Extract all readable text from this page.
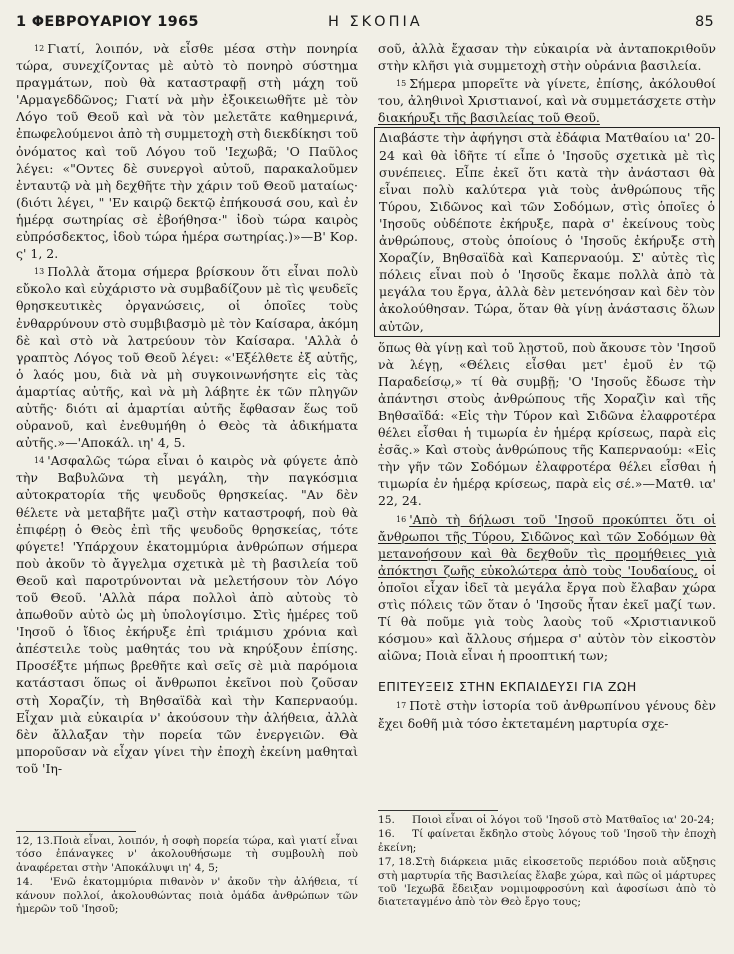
1 ΦΕΒΡΟΥΑΡΙΟΥ 1965	Η ΣΚΟΠΙΑ	85

$^{12}$ Γιατί, λοιπόν, νὰ εἶσθε μέσα στὴν πονηρία τώρα, συνεχίζοντας μὲ αὐτὸ τὸ πονηρὸ σύστημα πραγμάτων, ποὺ θὰ καταστραφῇ στὴ μάχη τοῦ 'Αρμαγεδδῶνος; Γιατί νὰ μὴν ἐξοικειωθῆτε μὲ τὸν Λόγο τοῦ Θεοῦ καὶ νὰ τὸν μελετᾶτε καθημερινά, ἐπωφελούμενοι ἀπὸ τὴ συμμετοχὴ στὴ διεκδίκησι τοῦ ὀνόματος καὶ τοῦ Λόγου τοῦ 'Ιεχωβᾶ; 'Ο Παῦλος λέγει: «"Οντες δὲ συνεργοὶ αὐτοῦ, παρακαλοῦμεν ἐνταυτῷ νὰ μὴ δεχθῆτε τὴν χάριν τοῦ Θεοῦ ματαίως· (διότι λέγει, " 'Εν καιρῷ δεκτῷ ἐπήκουσά σου, καὶ ἐν ἡμέρᾳ σωτηρίας σὲ ἐβοήθησα·" ἰδοὺ τώρα καιρὸς εὐπρόσδεκτος, ἰδοὺ τώρα ἡμέρα σωτηρίας.)»—Β' Κορ. ς' 1, 2.

$^{13}$ Πολλὰ ἄτομα σήμερα βρίσκουν ὅτι εἶναι πολὺ εὔκολο καὶ εὐχάριστο νὰ συμβαδίζουν μὲ τὶς ψευδεῖς θρησκευτικὲς ὀργανώσεις, οἱ ὁποῖες τοὺς ἐνθαρρύνουν στὸ συμβιβασμὸ μὲ τὸν Καίσαρα, ἀκόμη δὲ καὶ στὸ νὰ λατρεύουν τὸν Καίσαρα. 'Αλλὰ ὁ γραπτὸς Λόγος τοῦ Θεοῦ λέγει: «'Εξέλθετε ἐξ αὐτῆς, ὁ λαός μου, διὰ νὰ μὴ συγκοινωνήσητε εἰς τὰς ἁμαρτίας αὐτῆς, καὶ νὰ μὴ λάβητε ἐκ τῶν πληγῶν αὐτῆς· διότι αἱ ἁμαρτίαι αὐτῆς ἔφθασαν ἕως τοῦ οὐρανοῦ, καὶ ἐνεθυμήθη ὁ Θεὸς τὰ ἀδικήματα αὐτῆς.»—'Αποκάλ. ιη' 4, 5.

$^{14}$ 'Ασφαλῶς τώρα εἶναι ὁ καιρὸς νὰ φύγετε ἀπὸ τὴν Βαβυλῶνα τὴ μεγάλη, τὴν παγκόσμια αὐτοκρατορία τῆς ψευδοῦς θρησκείας. "Αν δὲν θέλετε νὰ μεταβῆτε μαζὶ στὴν καταστροφή, ποὺ θὰ ἐπιφέρῃ ὁ Θεὸς ἐπὶ τῆς ψευδοῦς θρησκείας, τότε φύγετε! 'Υπάρχουν ἑκατομμύρια ἀνθρώπων σήμερα ποὺ ἀκοῦν τὸ ἄγγελμα σχετικὰ μὲ τὴ βασιλεία τοῦ Θεοῦ καὶ παροτρύνονται νὰ μελετήσουν τὸν Λόγο τοῦ Θεοῦ. 'Αλλὰ πάρα πολλοὶ ἀπὸ αὐτοὺς τὸ ἀπωθοῦν αὐτὸ ὡς μὴ ὑπολογίσιμο. Στὶς ἡμέρες τοῦ 'Ιησοῦ ὁ ἴδιος ἐκήρυξε ἐπὶ τριάμισυ χρόνια καὶ ἀπέστειλε τοὺς μαθητάς του νὰ κηρύξουν ἐπίσης. Προσέξτε μήπως βρεθῆτε καὶ σεῖς σὲ μιὰ παρόμοια κατάστασι ὅπως οἱ ἄνθρωποι ἐκεῖνοι ποὺ ζοῦσαν στὴ Χοραζίν, τὴ Βηθσαϊδὰ καὶ τὴν Καπερναούμ. Εἶχαν μιὰ εὐκαιρία ν' ἀκούσουν τὴν ἀλήθεια, ἀλλὰ δὲν ἄλλαξαν τὴν πορεία τῶν ἐνεργειῶν. Θὰ μποροῦσαν νὰ εἶχαν γίνει τὴν ἐποχὴ ἐκείνη μαθηταὶ τοῦ 'Ιη-

σοῦ, ἀλλὰ ἔχασαν τὴν εὐκαιρία νὰ ἀνταποκριθοῦν στὴν κλῆσι γιὰ συμμετοχὴ στὴν οὐράνια βασιλεία.

$^{15}$ Σήμερα μπορεῖτε νὰ γίνετε, ἐπίσης, ἀκόλουθοί του, ἀληθινοὶ Χριστιανοί, καὶ νὰ συμμετάσχετε στὴν διακήρυξι τῆς βασιλείας τοῦ Θεοῦ.

Διαβάστε τὴν ἀφήγησι στὰ ἐδάφια Ματθαίου ια' 20-24 καὶ θὰ ἰδῆτε τί εἶπε ὁ 'Ιησοῦς σχετικὰ μὲ τὶς συνέπειες. Εἶπε ἐκεῖ ὅτι κατὰ τὴν ἀνάστασι θὰ εἶναι πολὺ καλύτερα γιὰ τοὺς ἀνθρώπους τῆς Τύρου, Σιδῶνος καὶ τῶν Σοδόμων, στὶς ὁποῖες ὁ 'Ιησοῦς οὐδέποτε ἐκήρυξε, παρὰ σ' ἐκείνους τοὺς ἀνθρώπους, στοὺς ὁποίους ὁ 'Ιησοῦς ἐκήρυξε στὴ Χοραζίν, Βηθσαϊδὰ καὶ Καπερναούμ. Σ' αὐτὲς τὶς πόλεις εἶναι ποὺ ὁ 'Ιησοῦς ἔκαμε πολλὰ ἀπὸ τὰ μεγάλα του ἔργα, ἀλλὰ δὲν μετενόησαν καὶ δὲν τὸν ἀκολούθησαν. Τώρα, ὅταν θὰ γίνῃ ἀνάστασις ὅλων αὐτῶν,

ὅπως θὰ γίνῃ καὶ τοῦ λῃστοῦ, ποὺ ἄκουσε τὸν 'Ιησοῦ νὰ λέγῃ, «Θέλεις εἶσθαι μετ' ἐμοῦ ἐν τῷ Παραδείσῳ,» τί θὰ συμβῇ; 'Ο 'Ιησοῦς ἔδωσε τὴν ἀπάντησι στοὺς ἀνθρώπους τῆς Χοραζὶν καὶ τῆς Βηθσαϊδά: «Εἰς τὴν Τύρον καὶ Σιδῶνα ἐλαφροτέρα θέλει εἶσθαι ἡ τιμωρία ἐν ἡμέρᾳ κρίσεως, παρὰ εἰς ἐσᾶς.» Καὶ στοὺς ἀνθρώπους τῆς Καπερναούμ: «Εἰς τὴν γῆν τῶν Σοδόμων ἐλαφροτέρα θέλει εἶσθαι ἡ τιμωρία ἐν ἡμέρᾳ κρίσεως, παρὰ εἰς σέ.»—Ματθ. ια' 22, 24.

$^{16}$ 'Απὸ τὴ δήλωσι τοῦ 'Ιησοῦ προκύπτει ὅτι οἱ ἄνθρωποι τῆς Τύρου, Σιδῶνος καὶ τῶν Σοδόμων θὰ μετανοήσουν καὶ θὰ δεχθοῦν τὶς προμήθειες γιὰ ἀπόκτησι ζωῆς εὐκολώτερα ἀπὸ τοὺς 'Ιουδαίους, οἱ ὁποῖοι εἶχαν ἰδεῖ τὰ μεγάλα ἔργα ποὺ ἔλαβαν χώρα στὶς πόλεις τῶν ὅταν ὁ 'Ιησοῦς ἦταν ἐκεῖ μαζί των. Τί θὰ ποῦμε γιὰ τοὺς λαοὺς τοῦ «Χριστιανικοῦ κόσμου» καὶ ἄλλους σήμερα σ' αὐτὸν τὸν εἰκοστὸν αἰῶνα; Ποιὰ εἶναι ἡ προοπτική των;

ΕΠΙΤΕΥΞΕΙΣ ΣΤΗΝ ΕΚΠΑΙΔΕΥΣΙ ΓΙΑ ΖΩΗ

$^{17}$ Ποτὲ στὴν ἱστορία τοῦ ἀνθρωπίνου γένους δὲν ἔχει δοθῆ μιὰ τόσο ἐκτεταμένη μαρτυρία σχε-

12, 13.Ποιὰ εἶναι, λοιπόν, ἡ σοφὴ πορεία τώρα, καὶ γιατί εἶναι τόσο ἐπάναγκες ν' ἀκολουθήσωμε τὴ συμβουλὴ ποὺ ἀναφέρεται στὴν 'Αποκάλυψι ιη' 4, 5;
14. 'Ενῶ ἑκατομμύρια πιθανὸν ν' ἀκοῦν τὴν ἀλήθεια, τί κάνουν πολλοί, ἀκολουθώντας ποιὰ ὁμάδα ἀνθρώπων τῶν ἡμερῶν τοῦ 'Ιησοῦ;
15. Ποιοὶ εἶναι οἱ λόγοι τοῦ 'Ιησοῦ στὸ Ματθαῖος ια' 20-24;
16. Τί φαίνεται ἔκδηλο στοὺς λόγους τοῦ 'Ιησοῦ τὴν ἐποχὴ ἐκείνη;
17, 18.Στὴ διάρκεια μιᾶς εἰκοσετοῦς περιόδου ποιὰ αὔξησις στὴ μαρτυρία τῆς Βασιλείας ἔλαβε χώρα, καὶ πῶς οἱ μάρτυρες τοῦ 'Ιεχωβᾶ ἔδειξαν νομιμοφροσύνη καὶ ἀφοσίωσι ἀπὸ τὸ διατεταγμένο ἀπὸ τὸν Θεὸ ἔργο τους;
